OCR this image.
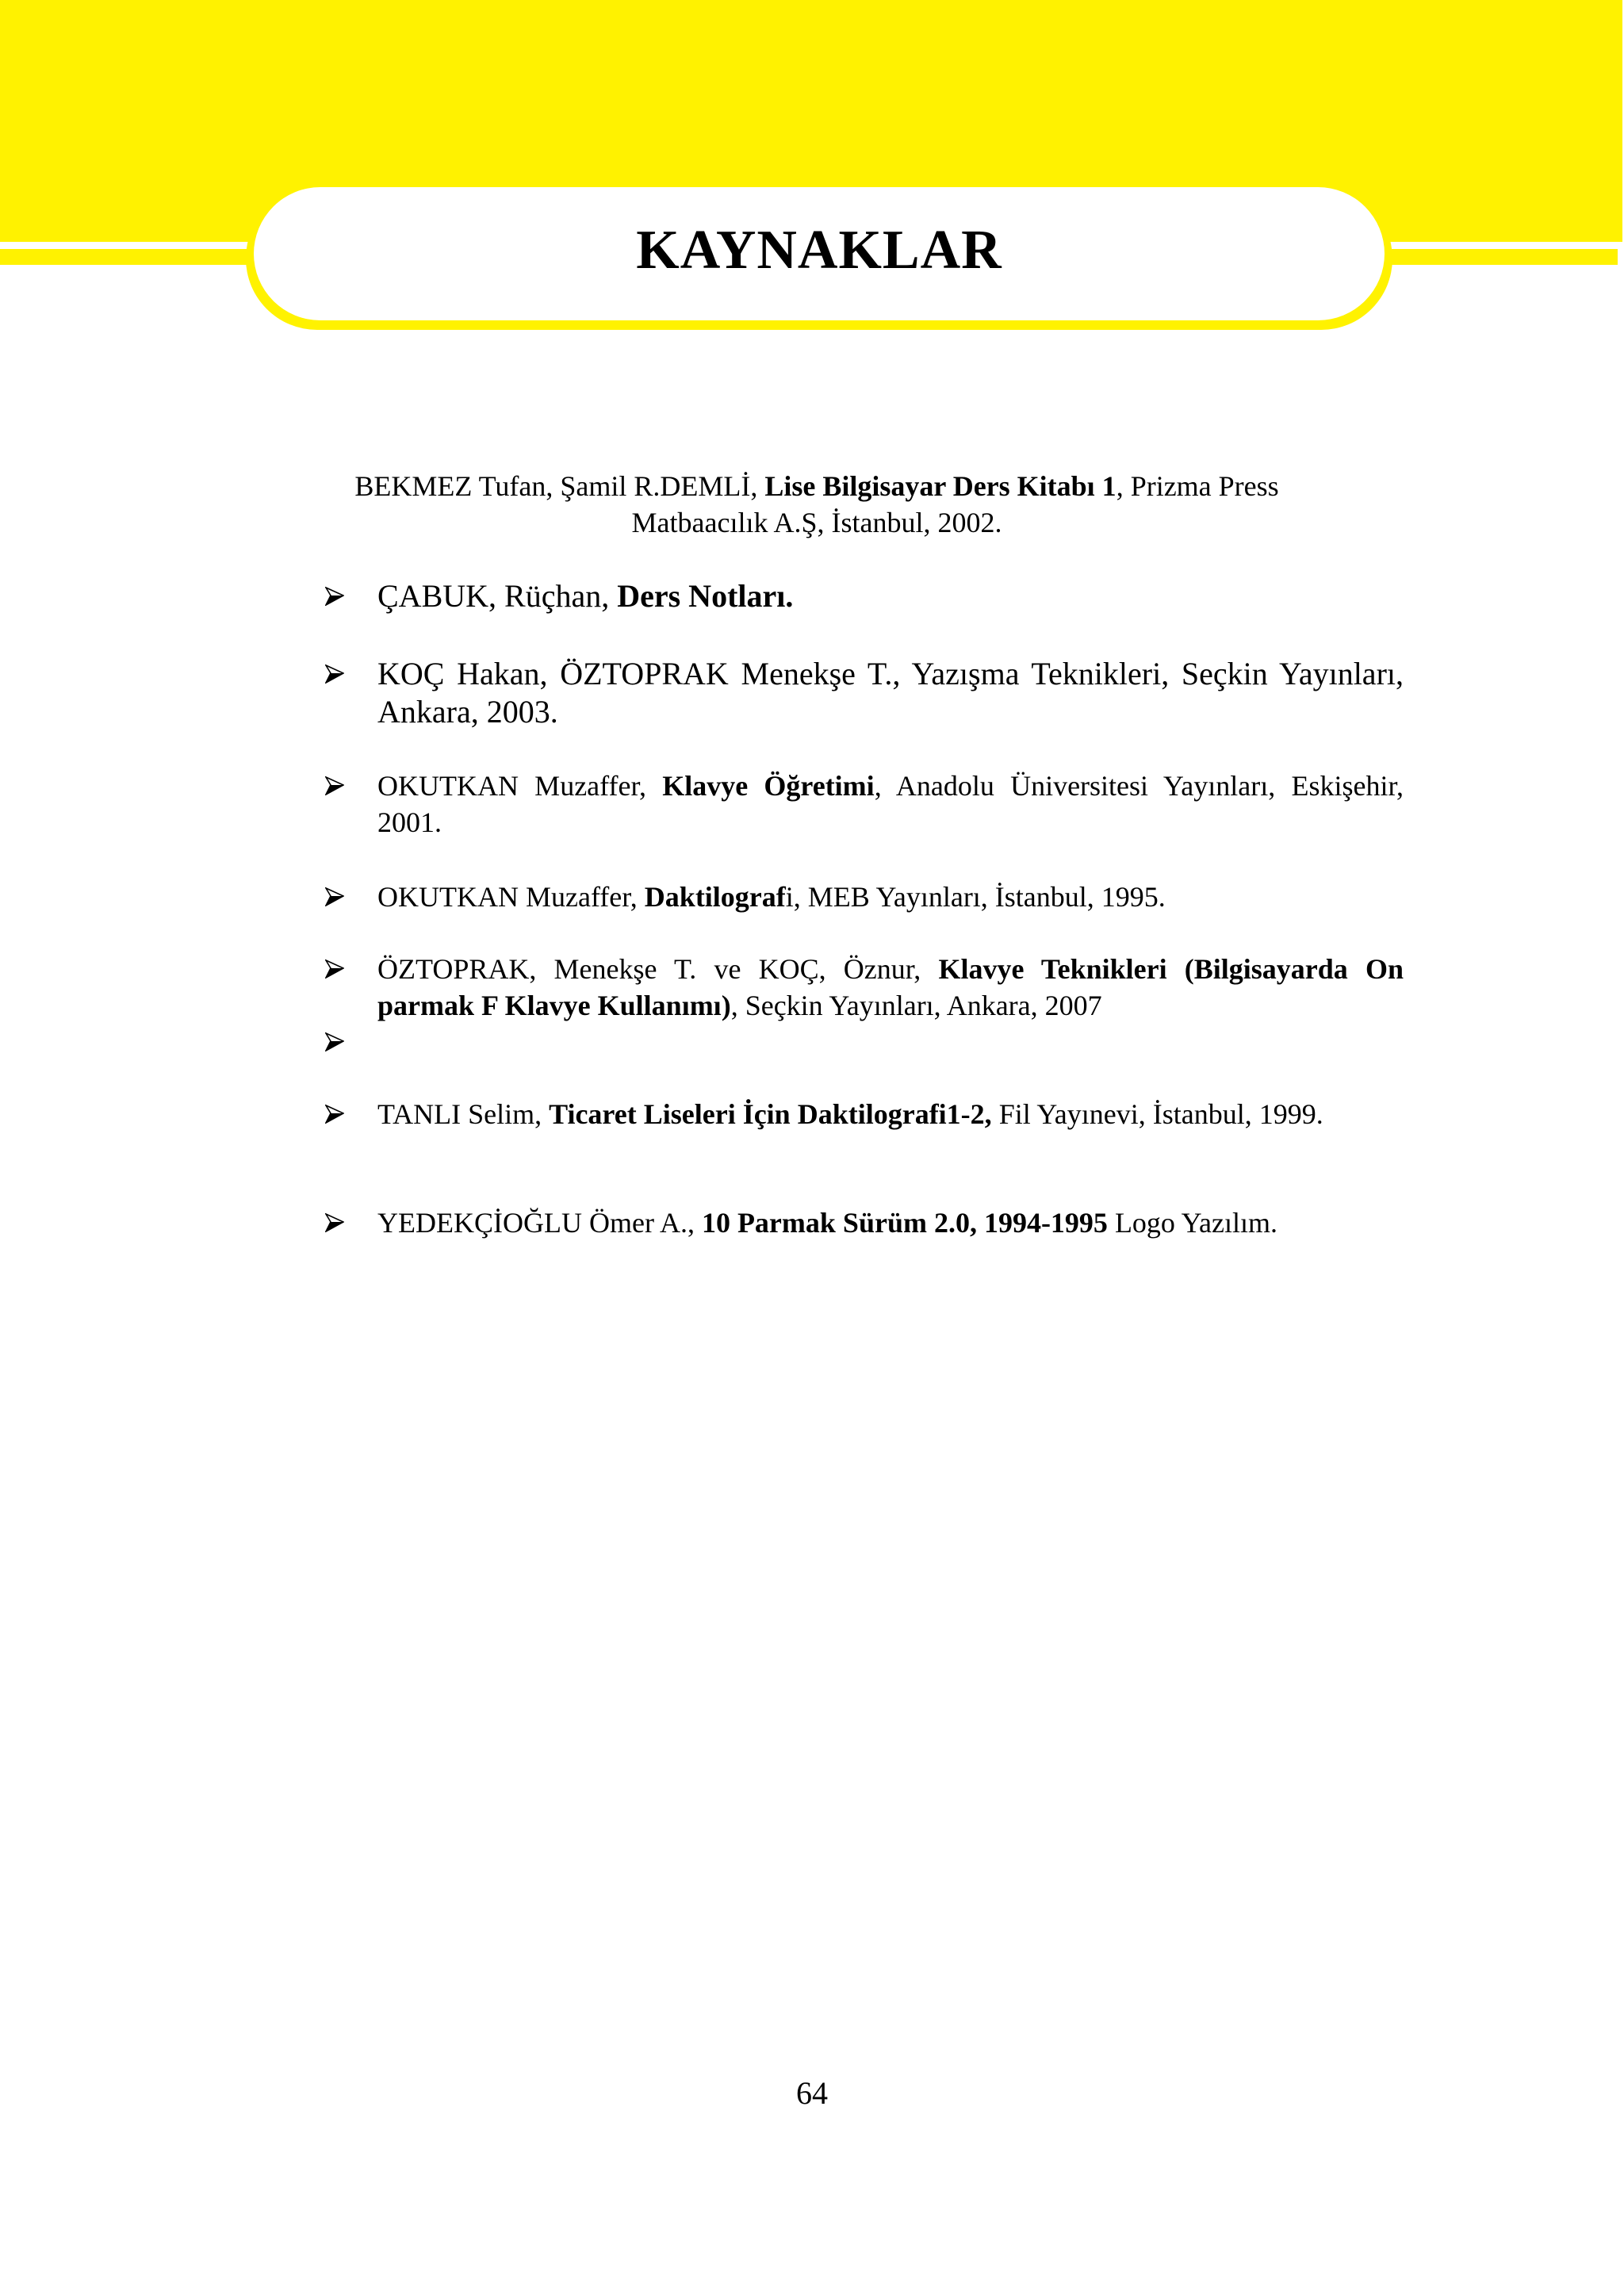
KAYNAKLAR
BEKMEZ Tufan, Şamil R.DEMLİ, Lise Bilgisayar Ders Kitabı 1, Prizma Press
Matbaacılık A.Ş, İstanbul, 2002.
ÇABUK, Rüçhan, Ders Notları.
KOÇ Hakan, ÖZTOPRAK Menekşe T., Yazışma Teknikleri, Seçkin Yayınları, Ankara, 2003.
OKUTKAN Muzaffer, Klavye Öğretimi, Anadolu Üniversitesi Yayınları, Eskişehir, 2001.
OKUTKAN Muzaffer, Daktilografi, MEB Yayınları, İstanbul, 1995.
ÖZTOPRAK, Menekşe T. ve KOÇ, Öznur, Klavye Teknikleri (Bilgisayarda On parmak F Klavye Kullanımı), Seçkin Yayınları, Ankara, 2007
TANLI Selim, Ticaret Liseleri İçin Daktilografi1-2, Fil Yayınevi, İstanbul, 1999.
YEDEKÇİOĞLU Ömer A., 10 Parmak Sürüm 2.0, 1994-1995 Logo Yazılım.
64
